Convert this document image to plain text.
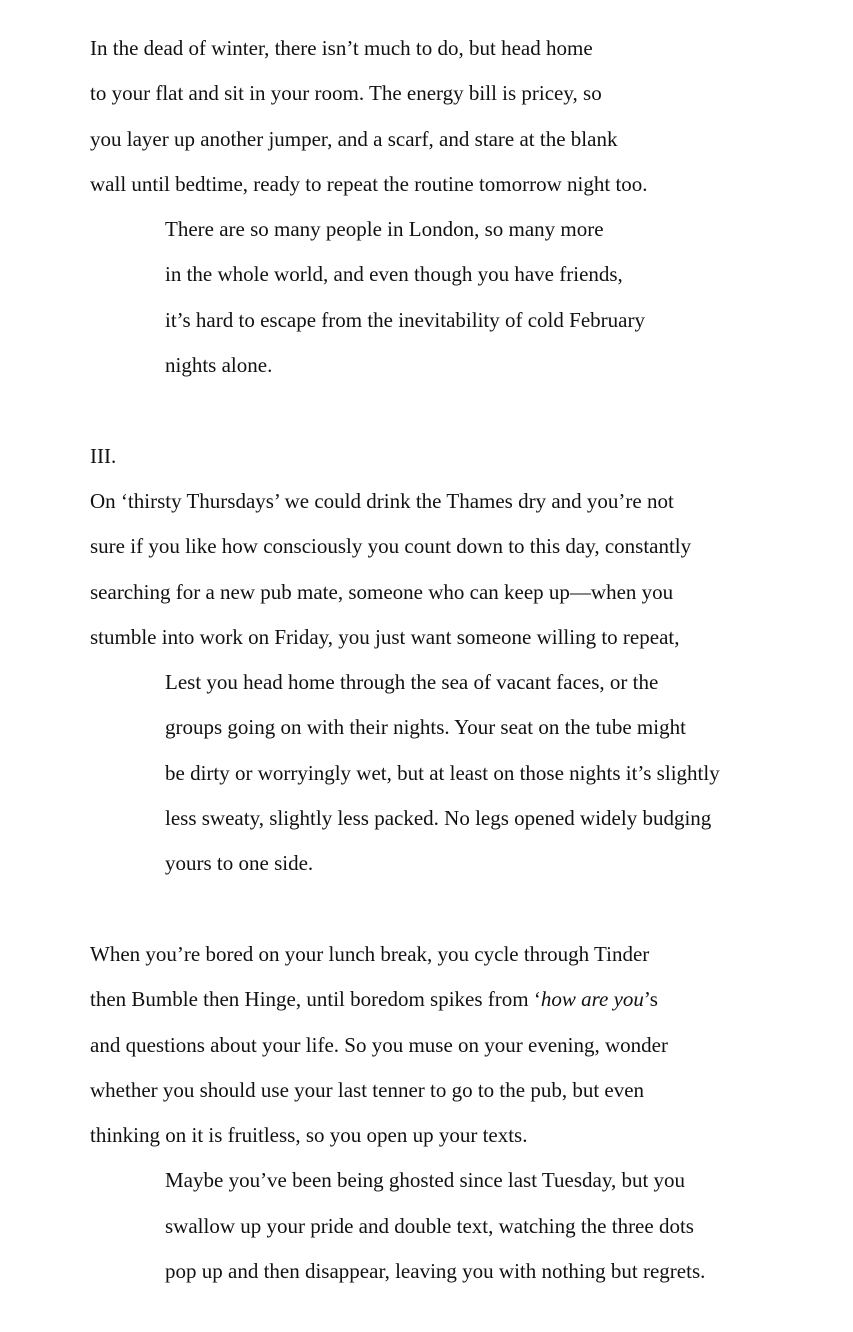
In the dead of winter, there isn’t much to do, but head home
to your flat and sit in your room. The energy bill is pricey, so
you layer up another jumper, and a scarf, and stare at the blank
wall until bedtime, ready to repeat the routine tomorrow night too.
There are so many people in London, so many more
in the whole world, and even though you have friends,
it’s hard to escape from the inevitability of cold February
nights alone.
III.
On ‘thirsty Thursdays’ we could drink the Thames dry and you’re not
sure if you like how consciously you count down to this day, constantly
searching for a new pub mate, someone who can keep up—when you
stumble into work on Friday, you just want someone willing to repeat,
Lest you head home through the sea of vacant faces, or the
groups going on with their nights. Your seat on the tube might
be dirty or worryingly wet, but at least on those nights it’s slightly
less sweaty, slightly less packed. No legs opened widely budging
yours to one side.
When you’re bored on your lunch break, you cycle through Tinder
then Bumble then Hinge, until boredom spikes from ‘how are you’s
and questions about your life. So you muse on your evening, wonder
whether you should use your last tenner to go to the pub, but even
thinking on it is fruitless, so you open up your texts.
Maybe you’ve been being ghosted since last Tuesday, but you
swallow up your pride and double text, watching the three dots
pop up and then disappear, leaving you with nothing but regrets.
